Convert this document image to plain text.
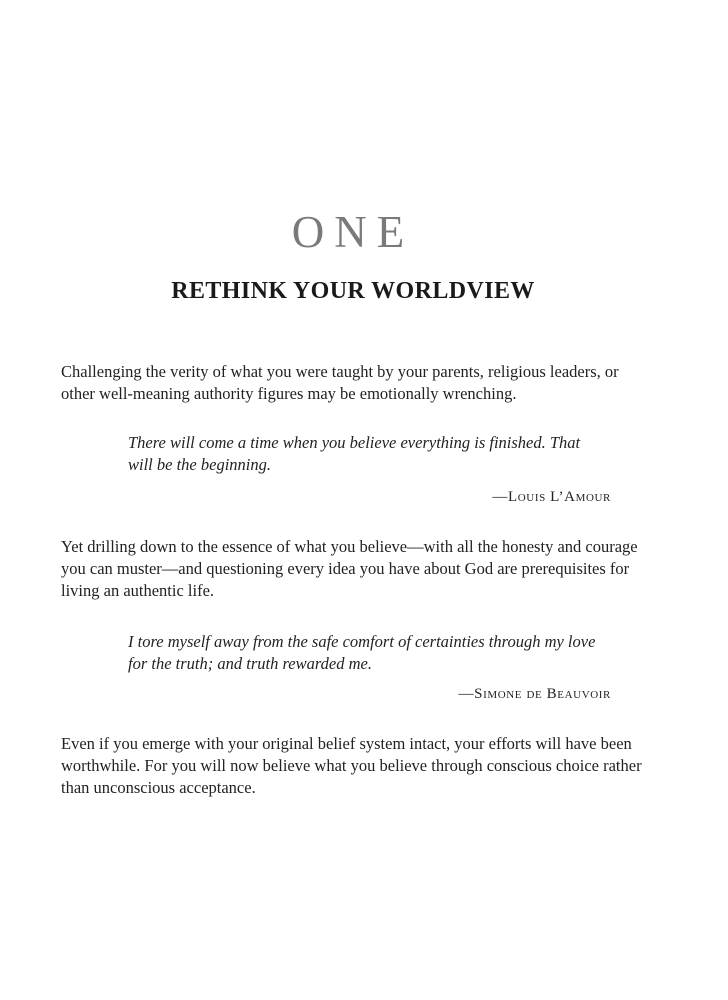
ONE
RETHINK YOUR WORLDVIEW

Challenging the verity of what you were taught by your parents, religious leaders, or other well-meaning authority figures may be emotionally wrenching.

There will come a time when you believe everything is finished. That will be the beginning.

—Louis L’Amour

Yet drilling down to the essence of what you believe—with all the honesty and courage you can muster—and questioning every idea you have about God are prerequisites for living an authentic life.

I tore myself away from the safe comfort of certainties through my love for the truth; and truth rewarded me.

—Simone de Beauvoir

Even if you emerge with your original belief system intact, your efforts will have been worthwhile. For you will now believe what you believe through conscious choice rather than unconscious acceptance.
